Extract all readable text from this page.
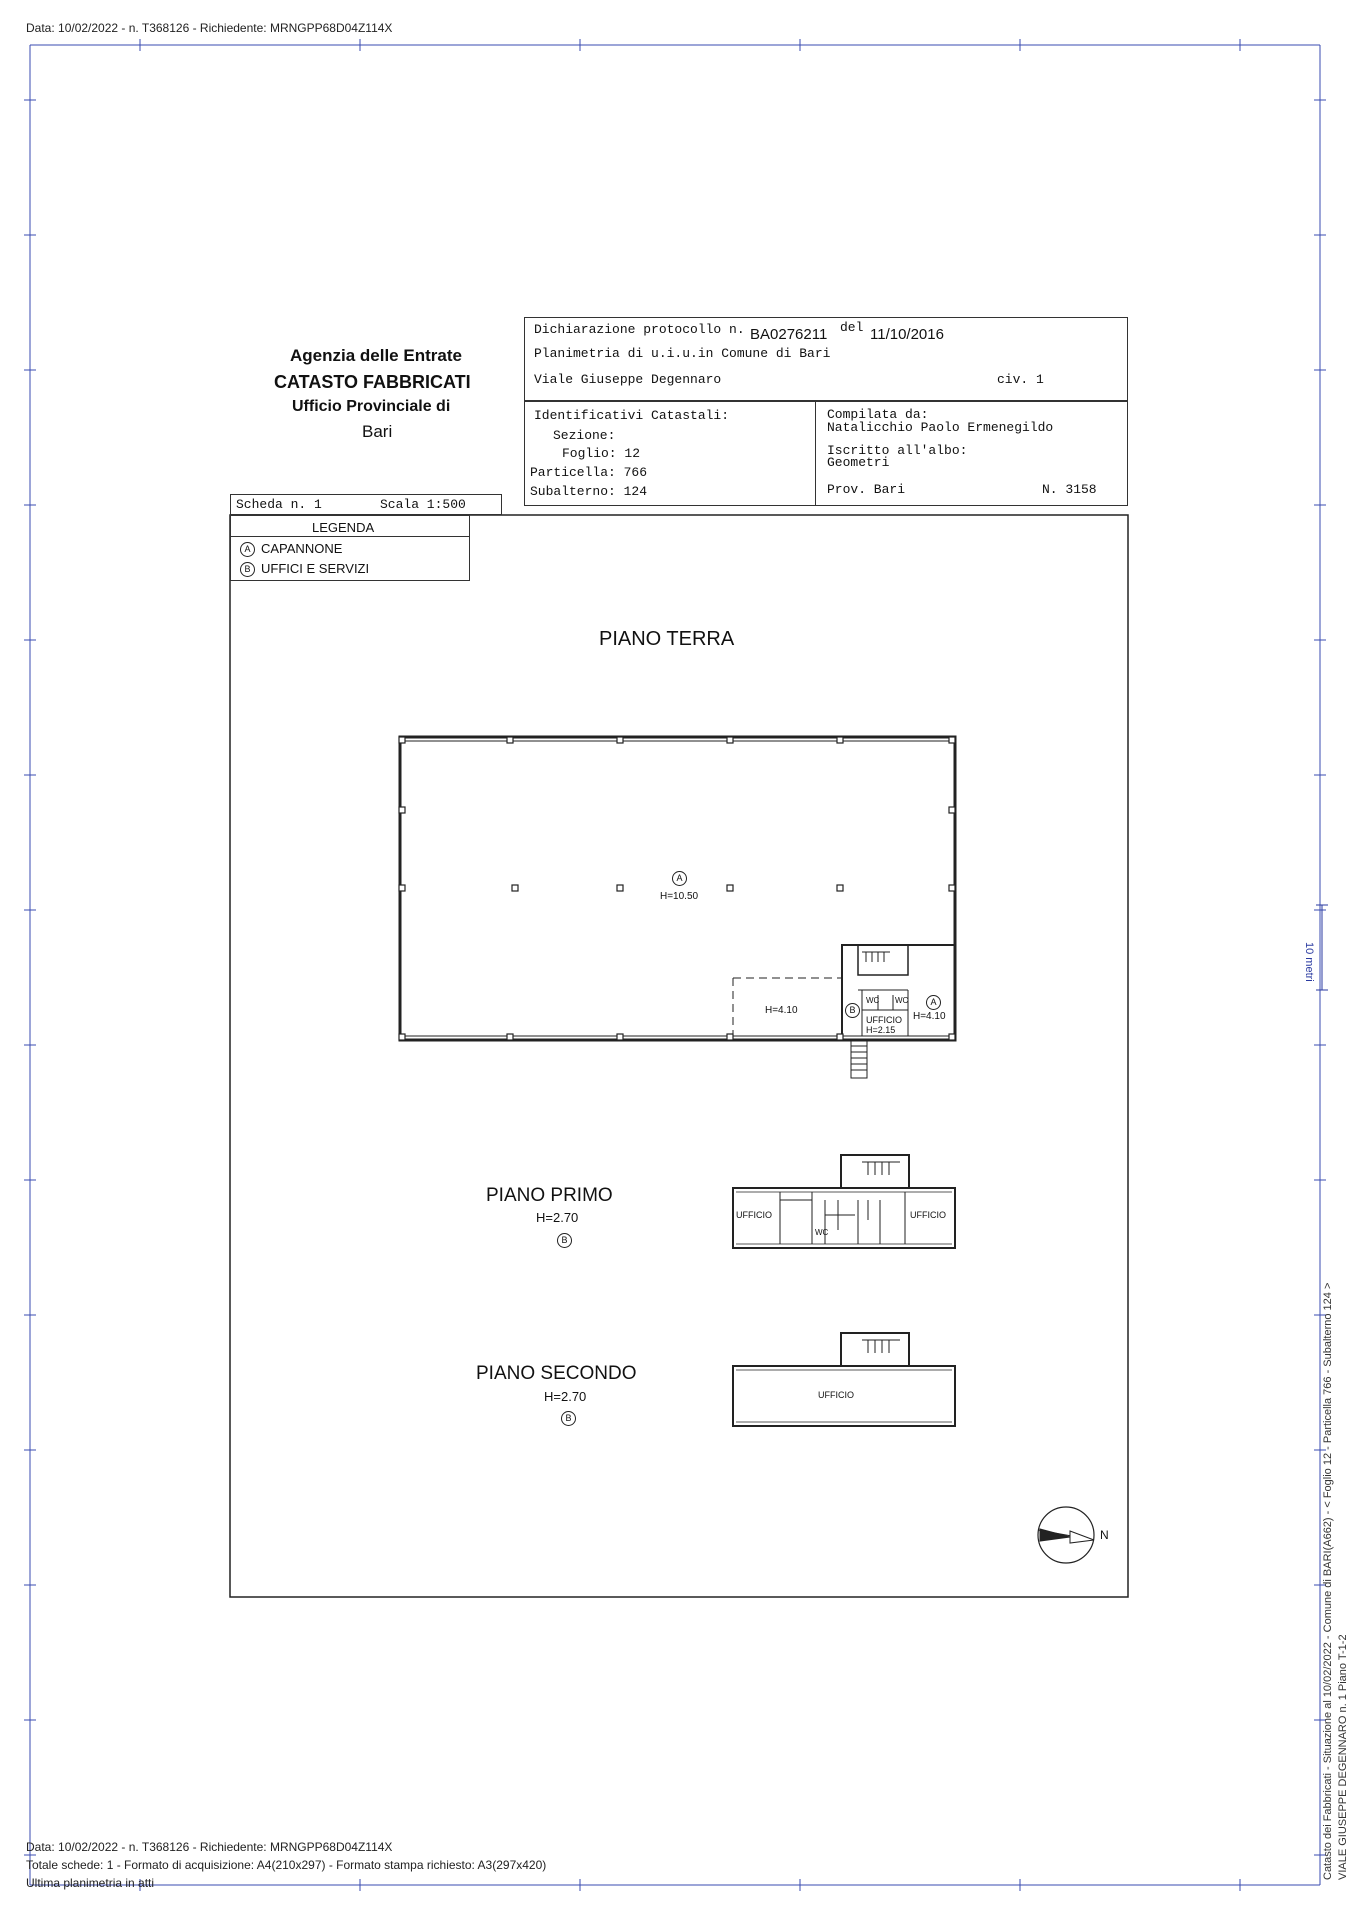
Data: 10/02/2022 - n. T368126 - Richiedente: MRNGPP68D04Z114X
Agenzia delle Entrate
CATASTO FABBRICATI
Ufficio Provinciale di
Bari
Dichiarazione protocollo n. BA0276211 del 11/10/2016
Planimetria di u.i.u.in Comune di Bari
Viale Giuseppe Degennaro	civ. 1
Identificativi Catastali:
Sezione:
Foglio: 12
Particella: 766
Subalterno: 124
Compilata da:
Natalicchio Paolo Ermenegildo
Iscritto all'albo:
Geometri
Prov. Bari	N. 3158
Scheda n. 1	Scala 1:500
LEGENDA
A CAPANNONE
B UFFICI E SERVIZI
PIANO TERRA
A
H=10.50
H=4.10	B
WC WC
UFFICIO
H=2.15
A
H=4.10
PIANO PRIMO
H=2.70
B
UFFICIO	UFFICIO
WC
PIANO SECONDO
H=2.70
B
UFFICIO
N
10 metri
Catasto dei Fabbricati - Situazione al 10/02/2022 - Comune di BARI(A662) - < Foglio 12 - Particella 766 - Subalterno 124 > VIALE GIUSEPPE DEGENNARO n. 1 Piano T-1-2
Data: 10/02/2022 - n. T368126 - Richiedente: MRNGPP68D04Z114X
Totale schede: 1 - Formato di acquisizione: A4(210x297) - Formato stampa richiesto: A3(297x420)
Ultima planimetria in atti
